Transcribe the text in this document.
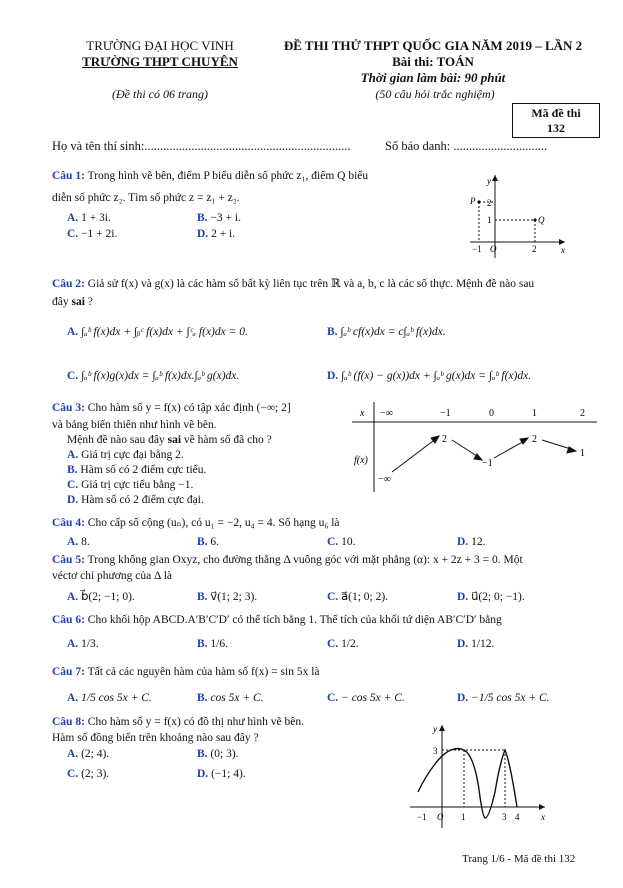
TRƯỜNG ĐẠI HỌC VINH
TRƯỜNG THPT CHUYÊN
(Đề thi có 06 trang)
ĐỀ THI THỬ THPT QUỐC GIA NĂM 2019 – LẦN 2
Bài thi: TOÁN
Thời gian làm bài: 90 phút
(50 câu hỏi trắc nghiệm)
Mã đề thi
132
Họ và tên thí sinh:..................................................................	Số báo danh: ..............................
Câu 1: Trong hình vẽ bên, điểm P biểu diễn số phức z₁, điểm Q biểu
diễn số phức z₂. Tìm số phức z = z₁ + z₂.
A. 1 + 3i.	B. −3 + i.
C. −1 + 2i.	D. 2 + i.
y
x
P
Q
2
1
−1 O	2
Câu 2: Giả sử f(x) và g(x) là các hàm số bất kỳ liên tục trên ℝ và a, b, c là các số thực. Mệnh đề nào sau
đây sai ?
A. ∫ₐᵇ f(x)dx + ∫ᵦᶜ f(x)dx + ∫ᶜₐ f(x)dx = 0.	B. ∫ₐᵇ cf(x)dx = c∫ₐᵇ f(x)dx.
C. ∫ₐᵇ f(x)g(x)dx = ∫ₐᵇ f(x)dx.∫ₐᵇ g(x)dx.	D. ∫ₐᵇ (f(x) − g(x))dx + ∫ₐᵇ g(x)dx = ∫ₐᵇ f(x)dx.
Câu 3: Cho hàm số y = f(x) có tập xác định (−∞; 2]
và bảng biến thiên như hình vẽ bên.
Mệnh đề nào sau đây sai về hàm số đã cho ?
A. Giá trị cực đại bằng 2.
B. Hàm số có 2 điểm cực tiểu.
C. Giá trị cực tiểu bằng −1.
D. Hàm số có 2 điểm cực đại.
x
f(x)
−∞	−1	0	1	2
−∞
2
−1
2
1
Câu 4: Cho cấp số cộng (uₙ), có u₁ = −2, u₄ = 4. Số hạng u₆ là
A. 8.	B. 6.	C. 10.	D. 12.
Câu 5: Trong không gian Oxyz, cho đường thẳng Δ vuông góc với mặt phẳng (α): x + 2z + 3 = 0. Một
véctơ chỉ phương của Δ là
A. b⃗(2; −1; 0).	B. v⃗(1; 2; 3).	C. a⃗(1; 0; 2).	D. u⃗(2; 0; −1).
Câu 6: Cho khối hộp ABCD.A′B′C′D′ có thể tích bằng 1. Thể tích của khối tứ diện AB′C′D′ bằng
A. 1/3.	B. 1/6.	C. 1/2.	D. 1/12.
Câu 7: Tất cả các nguyên hàm của hàm số f(x) = sin 5x là
A. 1/5 cos 5x + C.	B. cos 5x + C.	C. − cos 5x + C.	D. −1/5 cos 5x + C.
Câu 8: Cho hàm số y = f(x) có đồ thị như hình vẽ bên.
Hàm số đồng biến trên khoảng nào sau đây ?
A. (2; 4).	B. (0; 3).
C. (2; 3).	D. (−1; 4).
y
x
3
−1 O 1	3 4
Trang 1/6 - Mã đề thi 132
